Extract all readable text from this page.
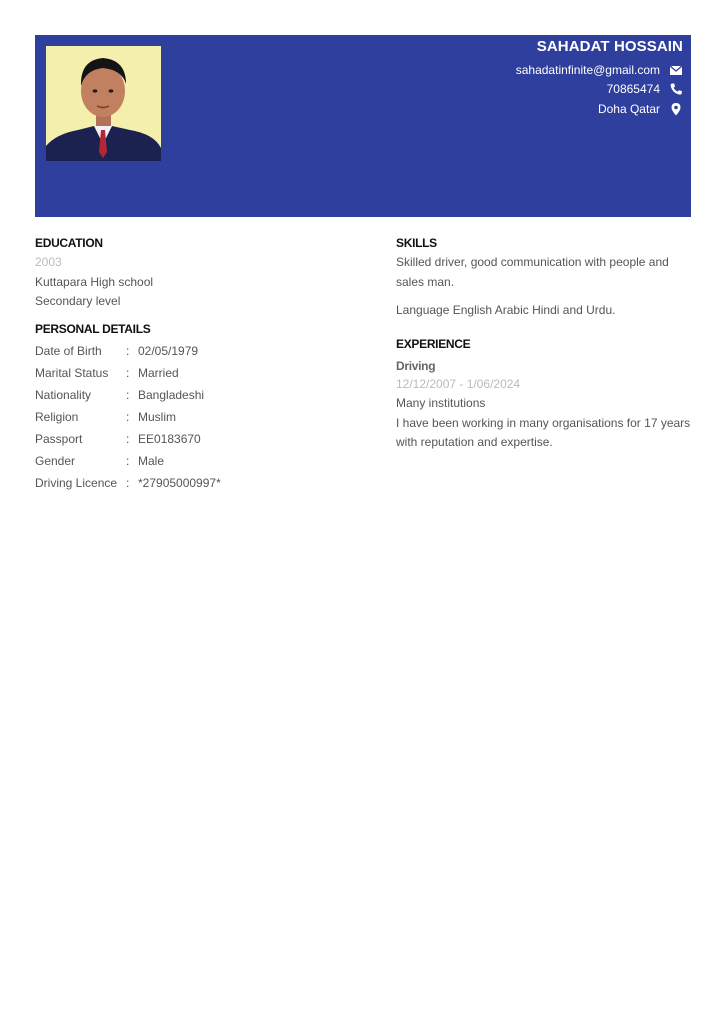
SAHADAT HOSSAIN
sahadatinfinite@gmail.com
70865474
Doha Qatar
EDUCATION
2003
Kuttapara High school
Secondary level
PERSONAL DETAILS
Date of Birth	: 02/05/1979
Marital Status	: Married
Nationality	: Bangladeshi
Religion	: Muslim
Passport	: EE0183670
Gender	: Male
Driving Licence : *27905000997*
SKILLS
Skilled driver, good communication with people and sales man.
Language English Arabic Hindi and Urdu.
EXPERIENCE
Driving
12/12/2007 - 1/06/2024
Many institutions
I have been working in many organisations for 17 years with reputation and expertise.
